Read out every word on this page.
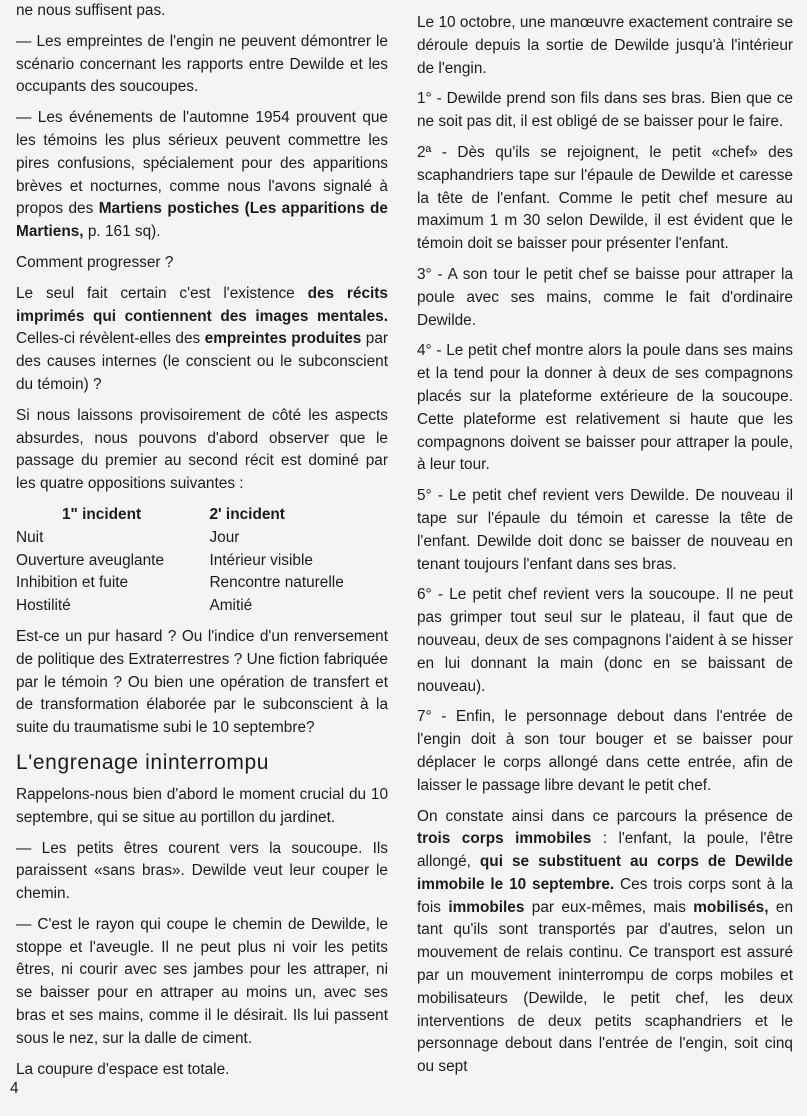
ne nous suffisent pas.

— Les empreintes de l'engin ne peuvent démontrer le scénario concernant les rapports entre Dewilde et les occupants des soucoupes.

— Les événements de l'automne 1954 prouvent que les témoins les plus sérieux peuvent commettre les pires confusions, spécialement pour des apparitions brèves et nocturnes, comme nous l'avons signalé à propos des Martiens postiches (Les apparitions de Martiens, p. 161 sq).

Comment progresser ?

Le seul fait certain c'est l'existence des récits imprimés qui contiennent des images mentales. Celles-ci révèlent-elles des empreintes produites par des causes internes (le conscient ou le subconscient du témoin) ?

Si nous laissons provisoirement de côté les aspects absurdes, nous pouvons d'abord observer que le passage du premier au second récit est dominé par les quatre oppositions suivantes :

1" incident	2' incident
Nuit	Jour
Ouverture aveuglante	Intérieur visible
Inhibition et fuite	Rencontre naturelle
Hostilité	Amitié

Est-ce un pur hasard ? Ou l'indice d'un renversement de politique des Extraterrestres ? Une fiction fabriquée par le témoin ? Ou bien une opération de transfert et de transformation élaborée par le subconscient à la suite du traumatisme subi le 10 septembre?

L'engrenage ininterrompu

Rappelons-nous bien d'abord le moment crucial du 10 septembre, qui se situe au portillon du jardinet.

— Les petits êtres courent vers la soucoupe. Ils paraissent «sans bras». Dewilde veut leur couper le chemin.

— C'est le rayon qui coupe le chemin de Dewilde, le stoppe et l'aveugle. Il ne peut plus ni voir les petits êtres, ni courir avec ses jambes pour les attraper, ni se baisser pour en attraper au moins un, avec ses bras et ses mains, comme il le désirait. Ils lui passent sous le nez, sur la dalle de ciment.

La coupure d'espace est totale.

Le 10 octobre, une manœuvre exactement contraire se déroule depuis la sortie de Dewilde jusqu'à l'intérieur de l'engin.

1° - Dewilde prend son fils dans ses bras. Bien que ce ne soit pas dit, il est obligé de se baisser pour le faire.

2ª - Dès qu'ils se rejoignent, le petit «chef» des scaphandriers tape sur l'épaule de Dewilde et caresse la tête de l'enfant. Comme le petit chef mesure au maximum 1 m 30 selon Dewilde, il est évident que le témoin doit se baisser pour présenter l'enfant.

3° - A son tour le petit chef se baisse pour attraper la poule avec ses mains, comme le fait d'ordinaire Dewilde.

4° - Le petit chef montre alors la poule dans ses mains et la tend pour la donner à deux de ses compagnons placés sur la plateforme extérieure de la soucoupe. Cette plateforme est relativement si haute que les compagnons doivent se baisser pour attraper la poule, à leur tour.

5° - Le petit chef revient vers Dewilde. De nouveau il tape sur l'épaule du témoin et caresse la tête de l'enfant. Dewilde doit donc se baisser de nouveau en tenant toujours l'enfant dans ses bras.

6° - Le petit chef revient vers la soucoupe. Il ne peut pas grimper tout seul sur le plateau, il faut que de nouveau, deux de ses compagnons l'aident à se hisser en lui donnant la main (donc en se baissant de nouveau).

7° - Enfin, le personnage debout dans l'entrée de l'engin doit à son tour bouger et se baisser pour déplacer le corps allongé dans cette entrée, afin de laisser le passage libre devant le petit chef.

On constate ainsi dans ce parcours la présence de trois corps immobiles : l'enfant, la poule, l'être allongé, qui se substituent au corps de Dewilde immobile le 10 septembre. Ces trois corps sont à la fois immobiles par eux-mêmes, mais mobilisés, en tant qu'ils sont transportés par d'autres, selon un mouvement de relais continu. Ce transport est assuré par un mouvement ininterrompu de corps mobiles et mobilisateurs (Dewilde, le petit chef, les deux interventions de deux petits scaphandriers et le personnage debout dans l'entrée de l'engin, soit cinq ou sept

4
